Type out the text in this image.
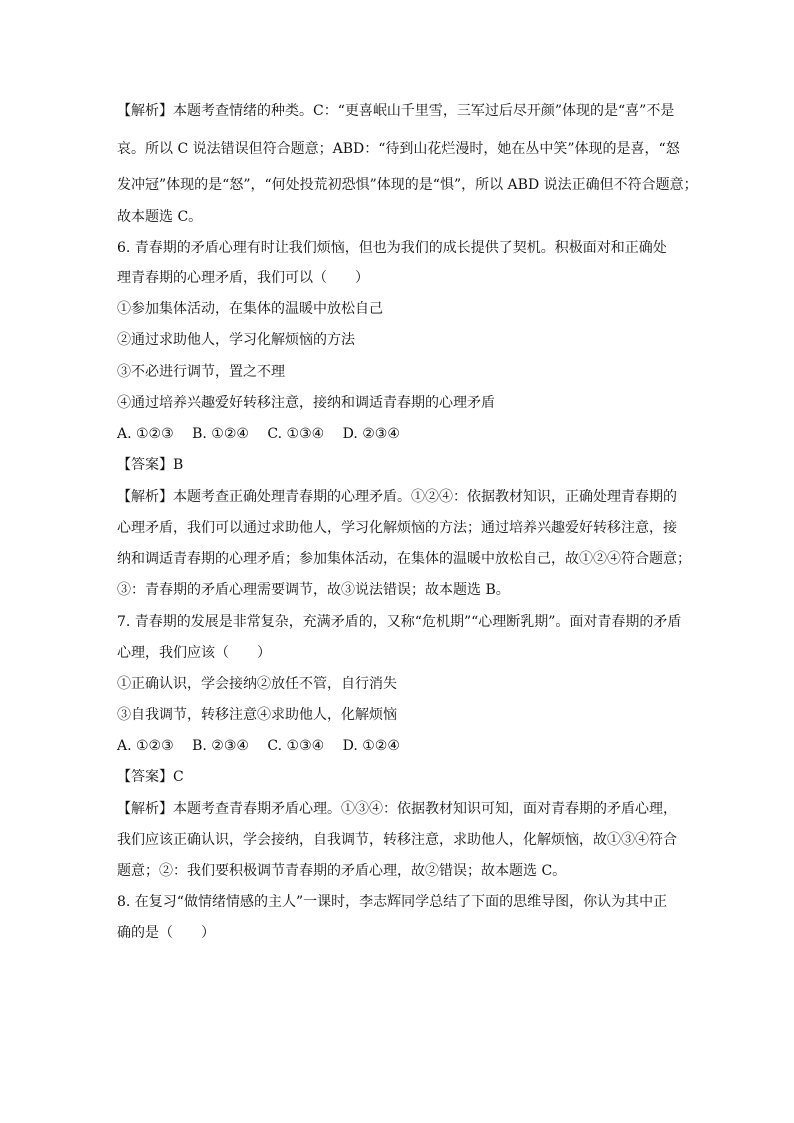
【解析】本题考查情绪的种类。C：“更喜岷山千里雪，三军过后尽开颜”体现的是“喜”不是
哀。所以 C 说法错误但符合题意；ABD：“待到山花烂漫时，她在丛中笑”体现的是喜，“怒
发冲冠”体现的是“怒”，“何处投荒初恐惧”体现的是“惧”，所以 ABD 说法正确但不符合题意；
故本题选 C。
6. 青春期的矛盾心理有时让我们烦恼，但也为我们的成长提供了契机。积极面对和正确处
理青春期的心理矛盾，我们可以（　　）
①参加集体活动，在集体的温暖中放松自己
②通过求助他人，学习化解烦恼的方法
③不必进行调节，置之不理
④通过培养兴趣爱好转移注意，接纳和调适青春期的心理矛盾
A. ①②③　 B. ①②④　 C. ①③④　 D. ②③④
【答案】B
【解析】本题考查正确处理青春期的心理矛盾。①②④：依据教材知识，正确处理青春期的
心理矛盾，我们可以通过求助他人，学习化解烦恼的方法；通过培养兴趣爱好转移注意，接
纳和调适青春期的心理矛盾；参加集体活动，在集体的温暖中放松自己，故①②④符合题意；
③：青春期的矛盾心理需要调节，故③说法错误；故本题选 B。
7. 青春期的发展是非常复杂，充满矛盾的，又称“危机期”“心理断乳期”。面对青春期的矛盾
心理，我们应该（　　）
①正确认识，学会接纳②放任不管，自行消失
③自我调节，转移注意④求助他人，化解烦恼
A. ①②③　 B. ②③④　 C. ①③④　 D. ①②④
【答案】C
【解析】本题考查青春期矛盾心理。①③④：依据教材知识可知，面对青春期的矛盾心理，
我们应该正确认识，学会接纳，自我调节，转移注意，求助他人，化解烦恼，故①③④符合
题意；②：我们要积极调节青春期的矛盾心理，故②错误；故本题选 C。
8. 在复习“做情绪情感的主人”一课时，李志辉同学总结了下面的思维导图，你认为其中正
确的是（　　）
